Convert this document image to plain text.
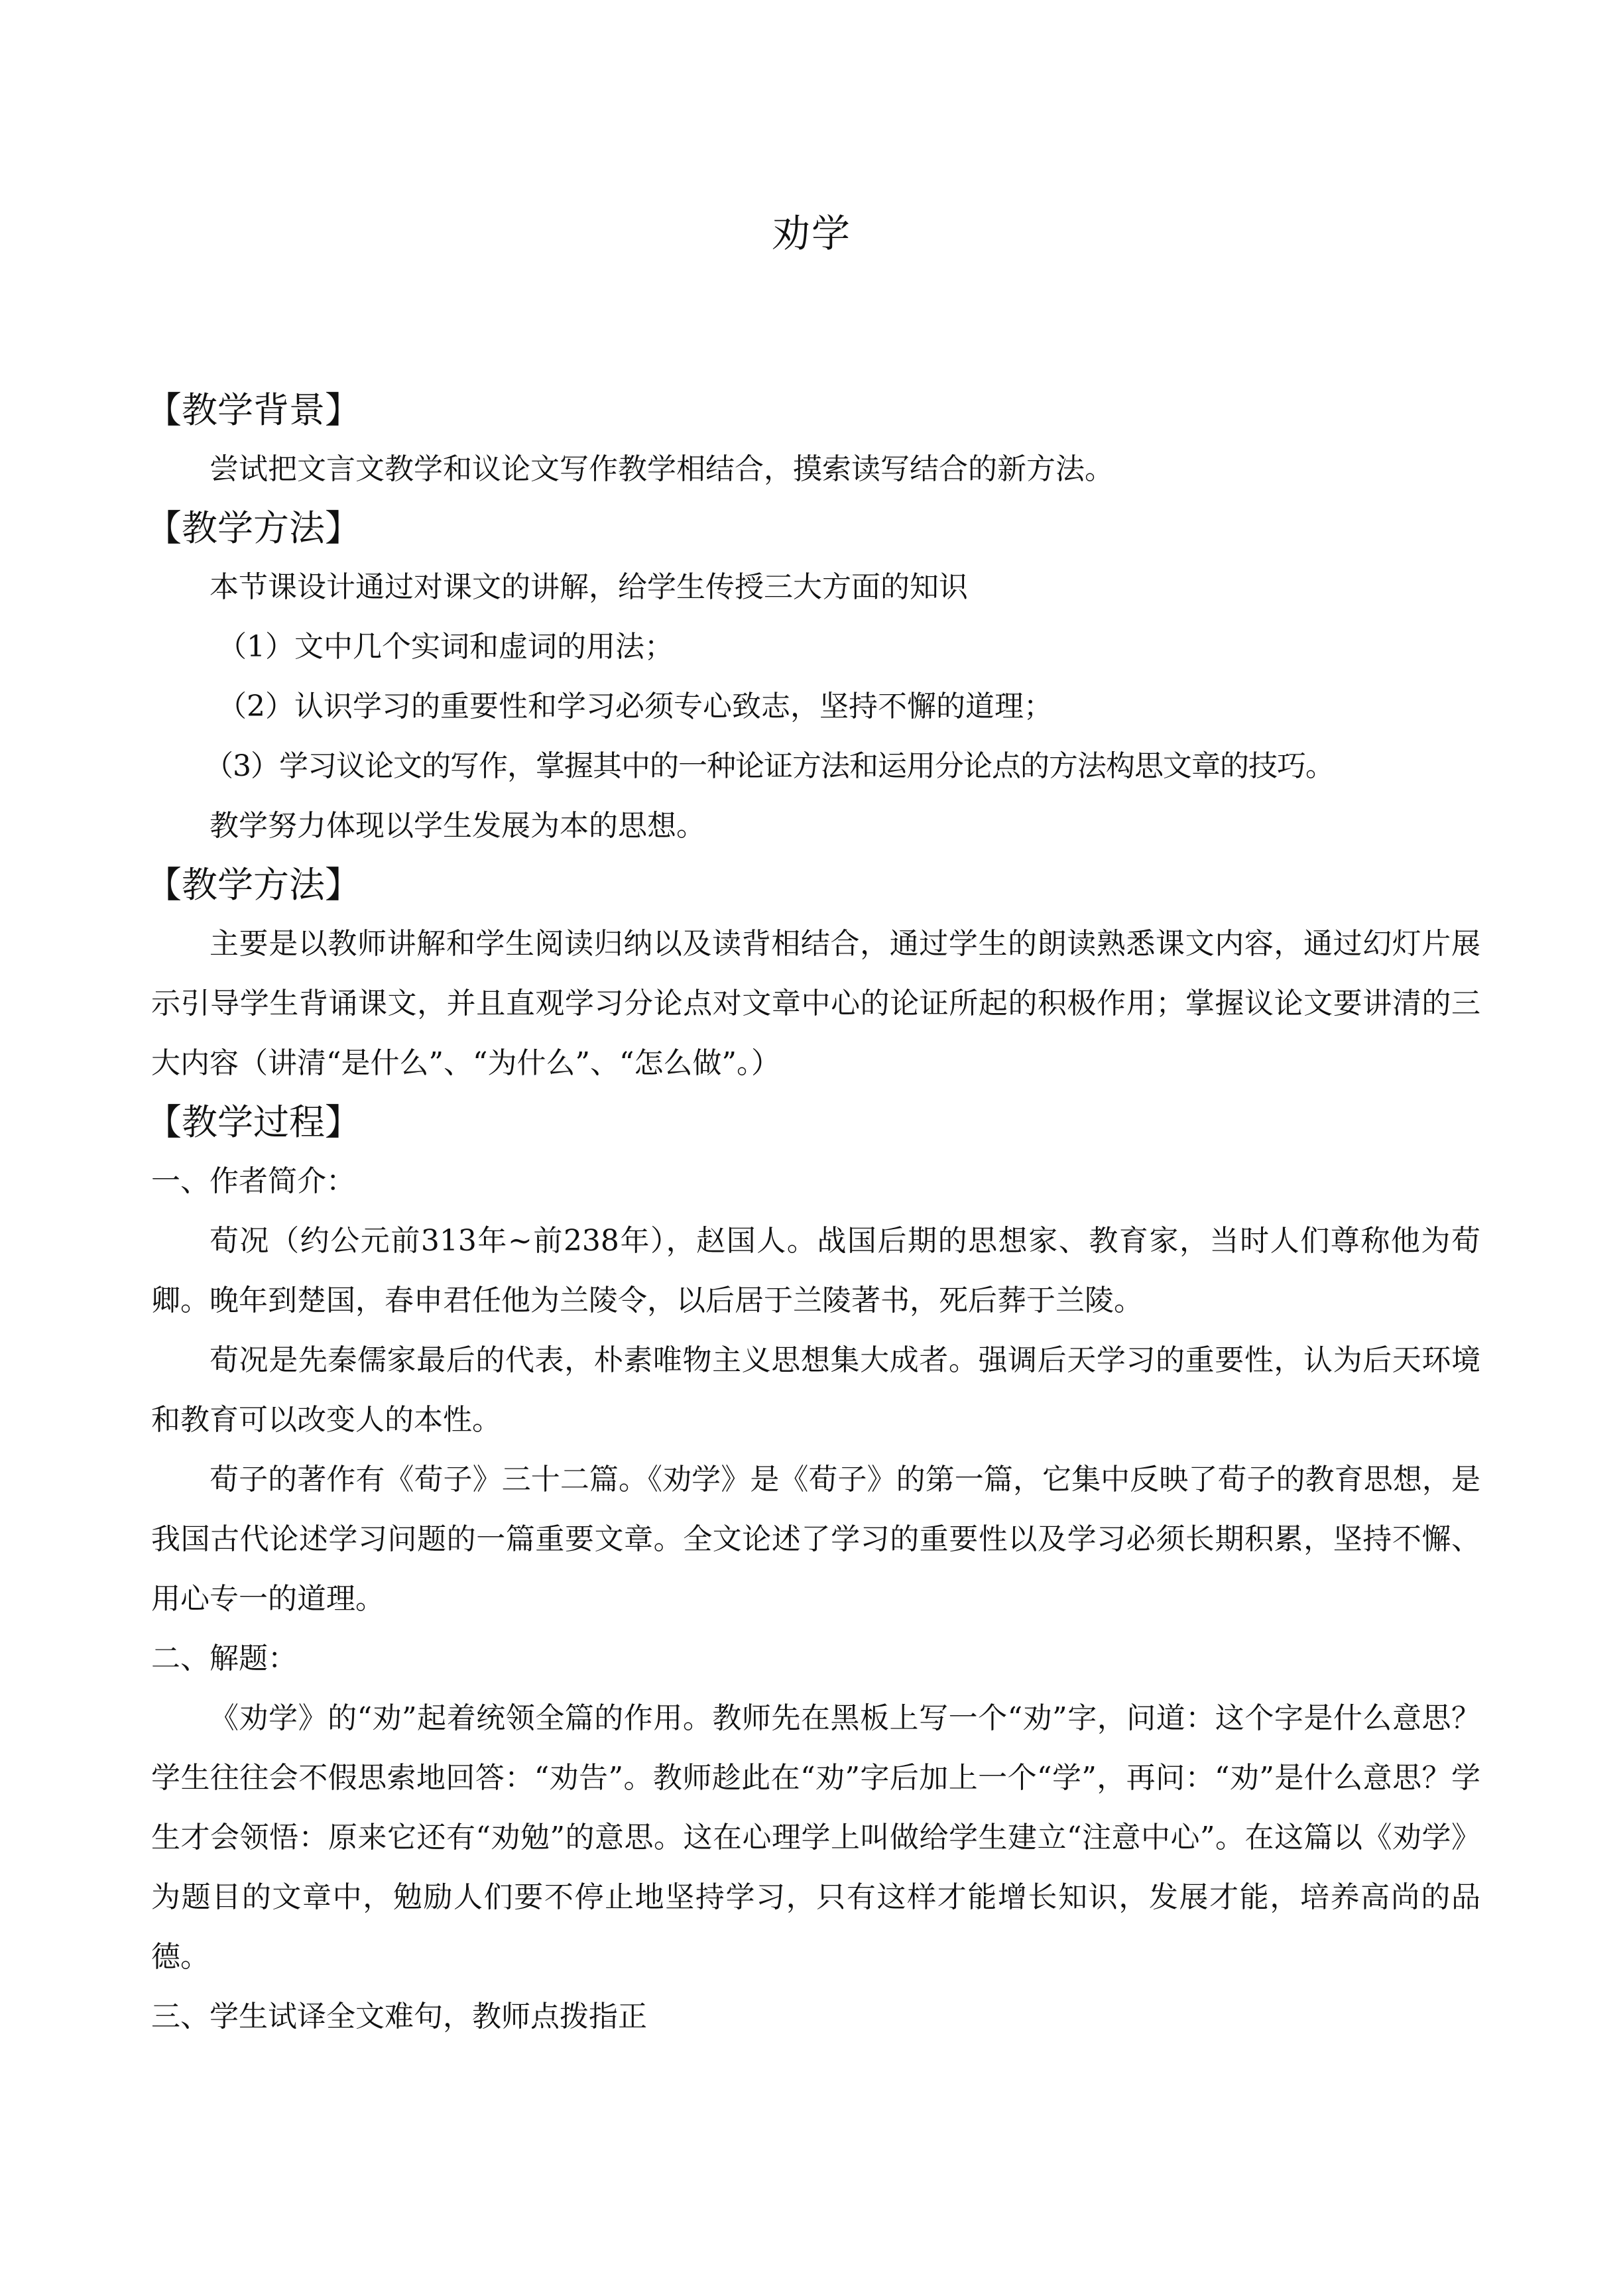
劝学
【教学背景】
尝试把文言文教学和议论文写作教学相结合，摸索读写结合的新方法。
【教学方法】
本节课设计通过对课文的讲解，给学生传授三大方面的知识
（1）文中几个实词和虚词的用法；
（2）认识学习的重要性和学习必须专心致志，坚持不懈的道理；
（3）学习议论文的写作，掌握其中的一种论证方法和运用分论点的方法构思文章的技巧。
教学努力体现以学生发展为本的思想。
【教学方法】
主要是以教师讲解和学生阅读归纳以及读背相结合，通过学生的朗读熟悉课文内容，通过幻灯片展示引导学生背诵课文，并且直观学习分论点对文章中心的论证所起的积极作用；掌握议论文要讲清的三大内容（讲清“是什么”、“为什么”、“怎么做”。）
【教学过程】
一、作者简介：
荀况（约公元前313年~前238年），赵国人。战国后期的思想家、教育家，当时人们尊称他为荀卿。晚年到楚国，春申君任他为兰陵令，以后居于兰陵著书，死后葬于兰陵。
荀况是先秦儒家最后的代表，朴素唯物主义思想集大成者。强调后天学习的重要性，认为后天环境和教育可以改变人的本性。
荀子的著作有《荀子》三十二篇。《劝学》是《荀子》的第一篇，它集中反映了荀子的教育思想，是我国古代论述学习问题的一篇重要文章。全文论述了学习的重要性以及学习必须长期积累，坚持不懈、用心专一的道理。
二、解题：
《劝学》的“劝”起着统领全篇的作用。教师先在黑板上写一个“劝”字，问道：这个字是什么意思？学生往往会不假思索地回答：“劝告”。教师趁此在“劝”字后加上一个“学”，再问：“劝”是什么意思？学生才会领悟：原来它还有“劝勉”的意思。这在心理学上叫做给学生建立“注意中心”。在这篇以《劝学》为题目的文章中，勉励人们要不停止地坚持学习，只有这样才能增长知识，发展才能，培养高尚的品德。
三、学生试译全文难句，教师点拨指正
